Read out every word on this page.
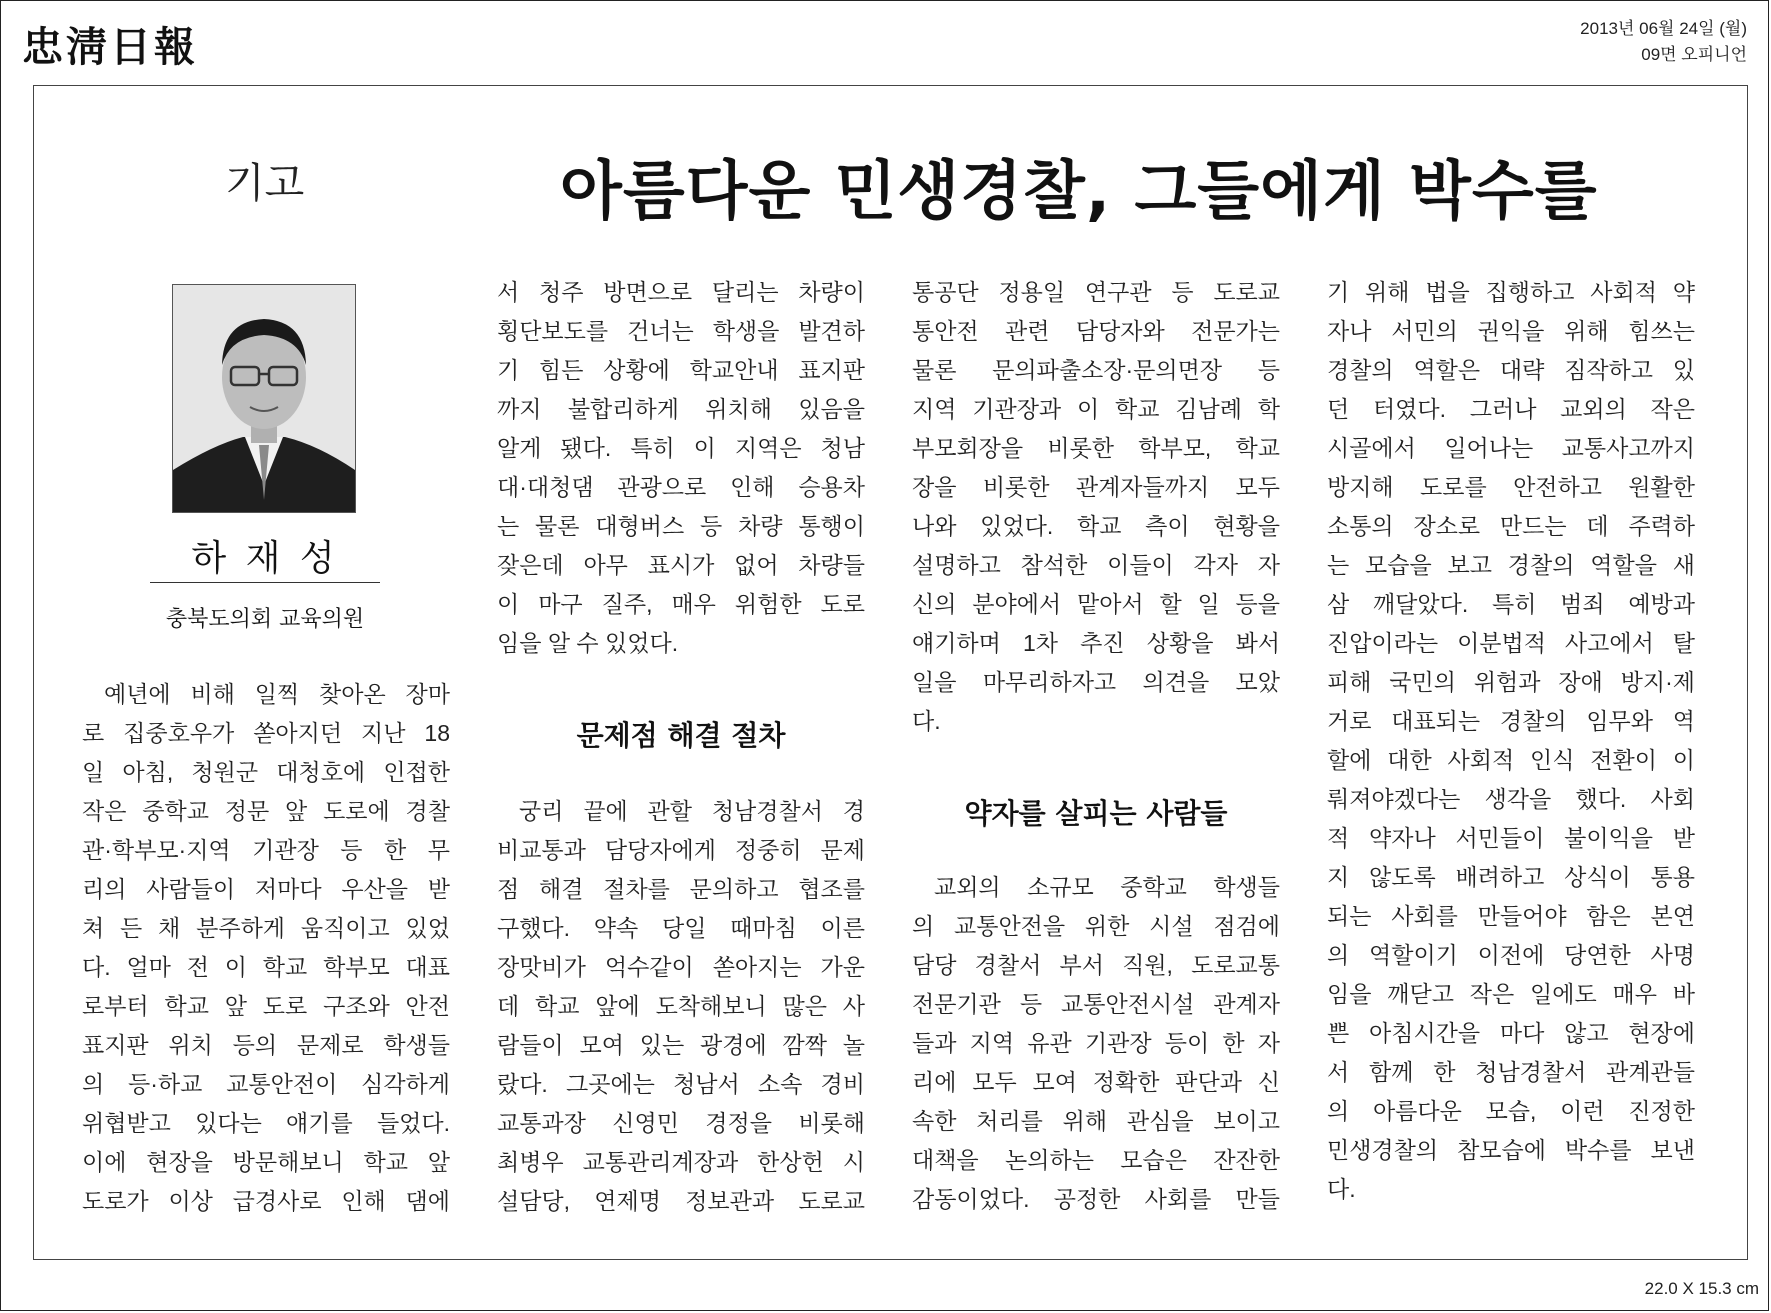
忠淸日報	2013년 06월 24일 (월)
09면 오피니언
기고	아름다운 민생경찰, 그들에게 박수를
하 재 성
충북도의회 교육의원
예년에 비해 일찍 찾아온 장마
로 집중호우가 쏟아지던 지난 18
일 아침, 청원군 대청호에 인접한
작은 중학교 정문 앞 도로에 경찰
관·학부모·지역 기관장 등 한 무
리의 사람들이 저마다 우산을 받
쳐 든 채 분주하게 움직이고 있었
다. 얼마 전 이 학교 학부모 대표
로부터 학교 앞 도로 구조와 안전
표지판 위치 등의 문제로 학생들
의 등·하교 교통안전이 심각하게
위협받고 있다는 얘기를 들었다.
이에 현장을 방문해보니 학교 앞
도로가 이상 급경사로 인해 댐에
서 청주 방면으로 달리는 차량이
횡단보도를 건너는 학생을 발견하
기 힘든 상황에 학교안내 표지판
까지 불합리하게 위치해 있음을
알게 됐다. 특히 이 지역은 청남
대·대청댐 관광으로 인해 승용차
는 물론 대형버스 등 차량 통행이
잦은데 아무 표시가 없어 차량들
이 마구 질주, 매우 위험한 도로
임을 알 수 있었다.
문제점 해결 절차
궁리 끝에 관할 청남경찰서 경
비교통과 담당자에게 정중히 문제
점 해결 절차를 문의하고 협조를
구했다. 약속 당일 때마침 이른
장맛비가 억수같이 쏟아지는 가운
데 학교 앞에 도착해보니 많은 사
람들이 모여 있는 광경에 깜짝 놀
랐다. 그곳에는 청남서 소속 경비
교통과장 신영민 경정을 비롯해
최병우 교통관리계장과 한상헌 시
설담당, 연제명 정보관과 도로교
통공단 정용일 연구관 등 도로교
통안전 관련 담당자와 전문가는
물론 문의파출소장·문의면장 등
지역 기관장과 이 학교 김남례 학
부모회장을 비롯한 학부모, 학교
장을 비롯한 관계자들까지 모두
나와 있었다. 학교 측이 현황을
설명하고 참석한 이들이 각자 자
신의 분야에서 맡아서 할 일 등을
얘기하며 1차 추진 상황을 봐서
일을 마무리하자고 의견을 모았
다.
약자를 살피는 사람들
교외의 소규모 중학교 학생들
의 교통안전을 위한 시설 점검에
담당 경찰서 부서 직원, 도로교통
전문기관 등 교통안전시설 관계자
들과 지역 유관 기관장 등이 한 자
리에 모두 모여 정확한 판단과 신
속한 처리를 위해 관심을 보이고
대책을 논의하는 모습은 잔잔한
감동이었다. 공정한 사회를 만들
기 위해 법을 집행하고 사회적 약
자나 서민의 권익을 위해 힘쓰는
경찰의 역할은 대략 짐작하고 있
던 터였다. 그러나 교외의 작은
시골에서 일어나는 교통사고까지
방지해 도로를 안전하고 원활한
소통의 장소로 만드는 데 주력하
는 모습을 보고 경찰의 역할을 새
삼 깨달았다. 특히 범죄 예방과
진압이라는 이분법적 사고에서 탈
피해 국민의 위험과 장애 방지·제
거로 대표되는 경찰의 임무와 역
할에 대한 사회적 인식 전환이 이
뤄져야겠다는 생각을 했다. 사회
적 약자나 서민들이 불이익을 받
지 않도록 배려하고 상식이 통용
되는 사회를 만들어야 함은 본연
의 역할이기 이전에 당연한 사명
임을 깨닫고 작은 일에도 매우 바
쁜 아침시간을 마다 않고 현장에
서 함께 한 청남경찰서 관계관들
의 아름다운 모습, 이런 진정한
민생경찰의 참모습에 박수를 보낸
다.
22.0 X 15.3 cm
